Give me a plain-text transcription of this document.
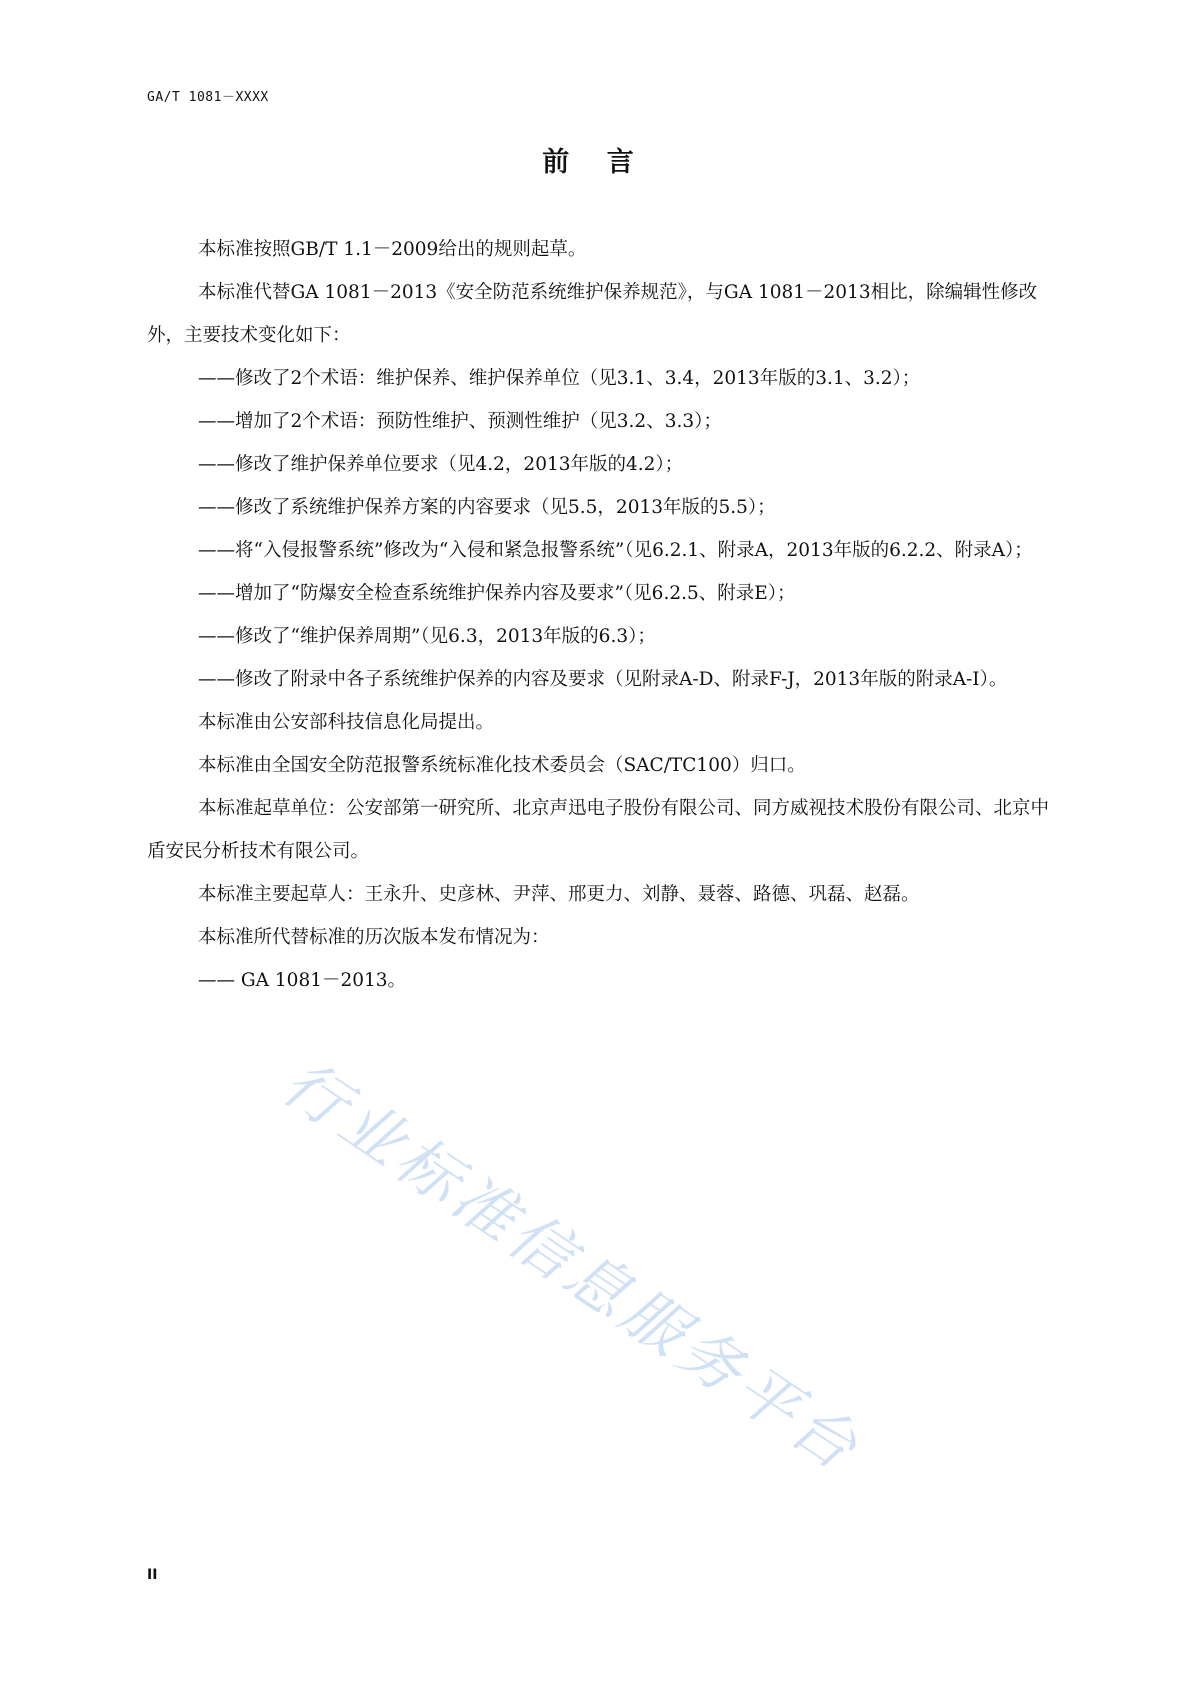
GA/T 1081－XXXX
前 言

本标准按照GB/T 1.1－2009给出的规则起草。

本标准代替GA 1081－2013《安全防范系统维护保养规范》，与GA 1081－2013相比，除编辑性修改外，主要技术变化如下：

——修改了2个术语：维护保养、维护保养单位（见3.1、3.4，2013年版的3.1、3.2）；

——增加了2个术语：预防性维护、预测性维护（见3.2、3.3）；

——修改了维护保养单位要求（见4.2，2013年版的4.2）；

——修改了系统维护保养方案的内容要求（见5.5，2013年版的5.5）；

——将“入侵报警系统”修改为“入侵和紧急报警系统”（见6.2.1、附录A，2013年版的6.2.2、附录A）；

——增加了“防爆安全检查系统维护保养内容及要求”（见6.2.5、附录E）；

——修改了“维护保养周期”（见6.3，2013年版的6.3）；

——修改了附录中各子系统维护保养的内容及要求（见附录A-D、附录F-J，2013年版的附录A-I）。

本标准由公安部科技信息化局提出。

本标准由全国安全防范报警系统标准化技术委员会（SAC/TC100）归口。

本标准起草单位：公安部第一研究所、北京声迅电子股份有限公司、同方威视技术股份有限公司、北京中盾安民分析技术有限公司。

本标准主要起草人：王永升、史彦林、尹萍、邢更力、刘静、聂蓉、路德、巩磊、赵磊。

本标准所代替标准的历次版本发布情况为：

—— GA 1081－2013。

行业标准信息服务平台
II
